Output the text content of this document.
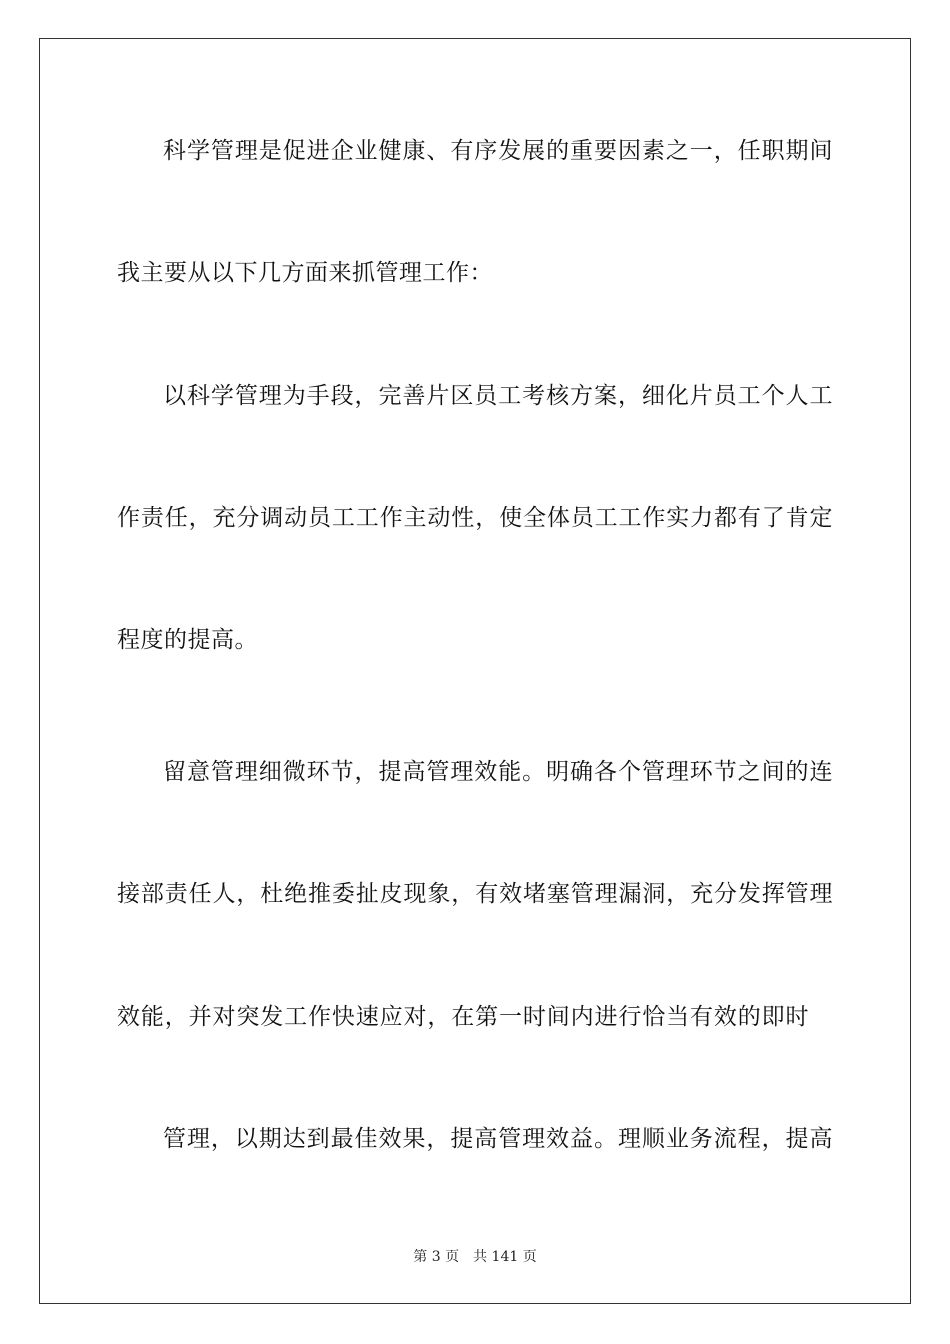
科学管理是促进企业健康、有序发展的重要因素之一，任职期间
我主要从以下几方面来抓管理工作：
以科学管理为手段，完善片区员工考核方案，细化片员工个人工
作责任，充分调动员工工作主动性，使全体员工工作实力都有了肯定
程度的提高。
留意管理细微环节，提高管理效能。明确各个管理环节之间的连
接部责任人，杜绝推委扯皮现象，有效堵塞管理漏洞，充分发挥管理
效能，并对突发工作快速应对，在第一时间内进行恰当有效的即时
管理，以期达到最佳效果，提高管理效益。理顺业务流程，提高
第 3 页　共 141 页
